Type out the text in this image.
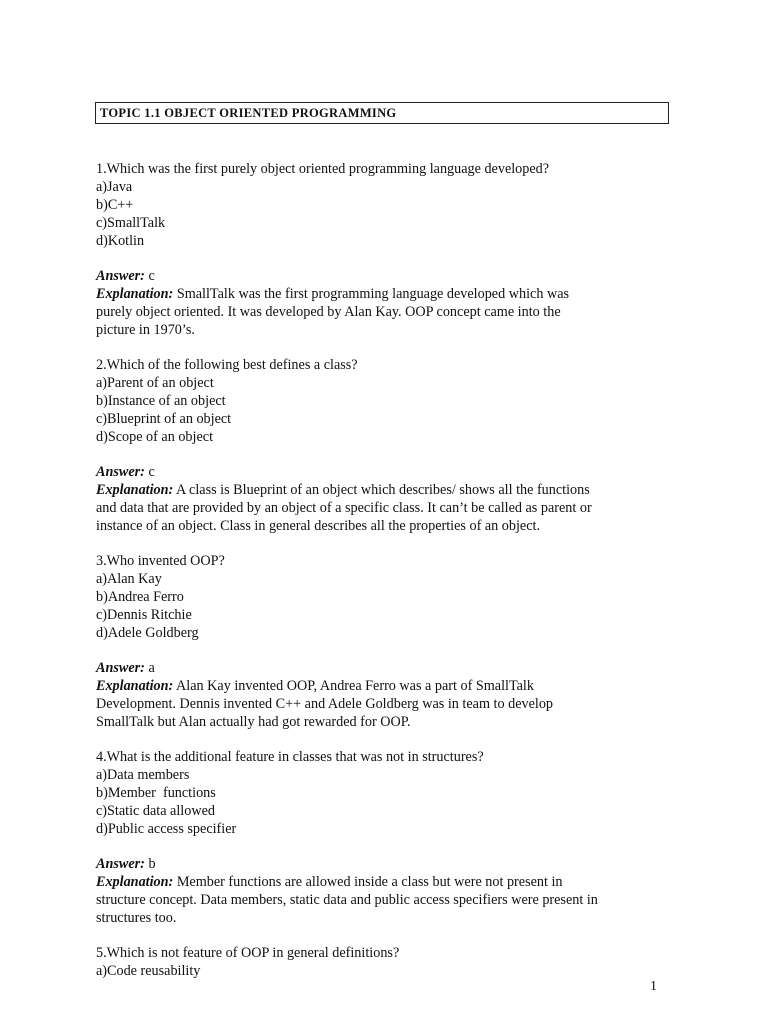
TOPIC 1.1 OBJECT ORIENTED PROGRAMMING
1.Which was the first purely object oriented programming language developed?
a)Java
b)C++
c)SmallTalk
d)Kotlin
Answer: c
Explanation: SmallTalk was the first programming language developed which was
purely object oriented. It was developed by Alan Kay. OOP concept came into the
picture in 1970’s.
2.Which of the following best defines a class?
a)Parent of an object
b)Instance of an object
c)Blueprint of an object
d)Scope of an object
Answer: c
Explanation: A class is Blueprint of an object which describes/ shows all the functions
and data that are provided by an object of a specific class. It can’t be called as parent or
instance of an object. Class in general describes all the properties of an object.
3.Who invented OOP?
a)Alan Kay
b)Andrea Ferro
c)Dennis Ritchie
d)Adele Goldberg
Answer: a
Explanation: Alan Kay invented OOP, Andrea Ferro was a part of SmallTalk
Development. Dennis invented C++ and Adele Goldberg was in team to develop
SmallTalk but Alan actually had got rewarded for OOP.
4.What is the additional feature in classes that was not in structures?
a)Data members
b)Member  functions
c)Static data allowed
d)Public access specifier
Answer: b
Explanation: Member functions are allowed inside a class but were not present in
structure concept. Data members, static data and public access specifiers were present in
structures too.
5.Which is not feature of OOP in general definitions?
a)Code reusability
1
